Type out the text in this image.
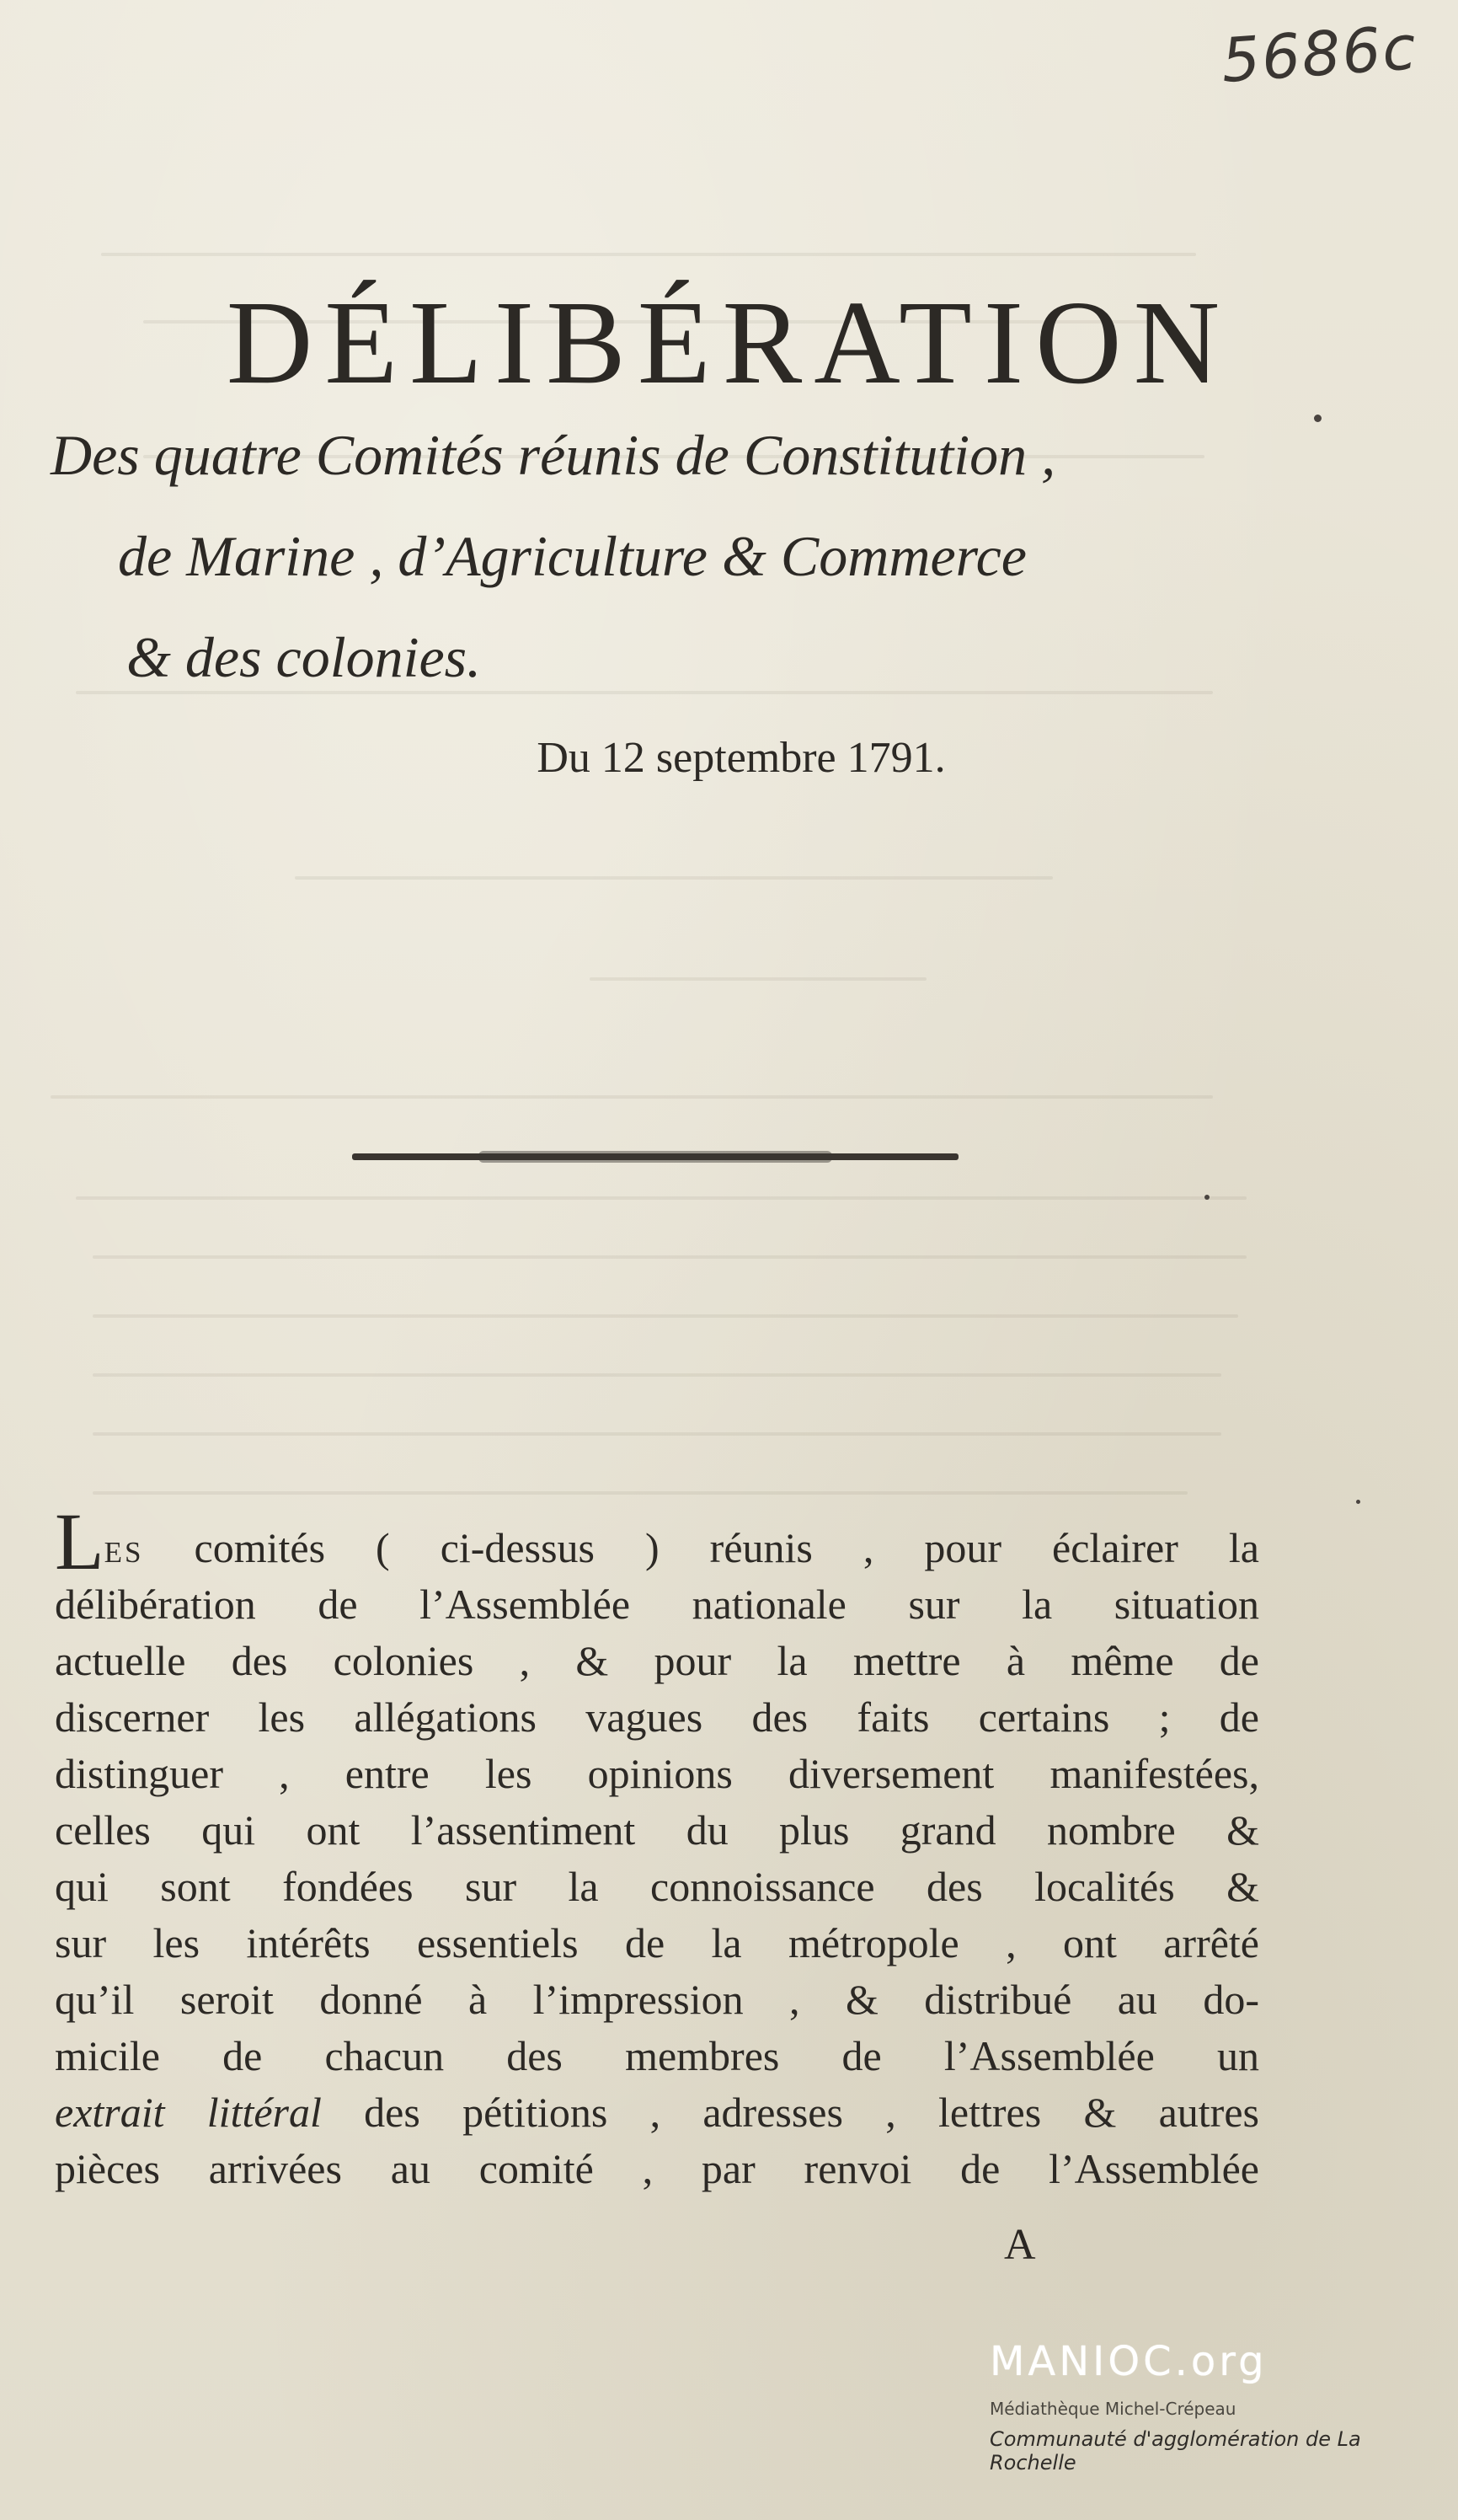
5686c
DÉLIBÉRATION
Des quatre Comités réunis de Constitution ,
de Marine , d’Agriculture & Commerce
& des colonies.
Du 12 septembre 1791.
Les comités ( ci-dessus ) réunis , pour éclairer la
délibération de l’Assemblée nationale sur la situation
actuelle des colonies , & pour la mettre à même de
discerner les allégations vagues des faits certains ; de
distinguer , entre les opinions diversement manifestées,
celles qui ont l’assentiment du plus grand nombre &
qui sont fondées sur la connoissance des localités &
sur les intérêts essentiels de la métropole , ont arrêté
qu’il seroit donné à l’impression , & distribué au do-
micile de chacun des membres de l’Assemblée un
extrait littéral des pétitions , adresses , lettres & autres
pièces arrivées au comité , par renvoi de l’Assemblée
A
MANIOC.org
Médiathèque Michel-Crépeau
Communauté d'agglomération de La Rochelle
